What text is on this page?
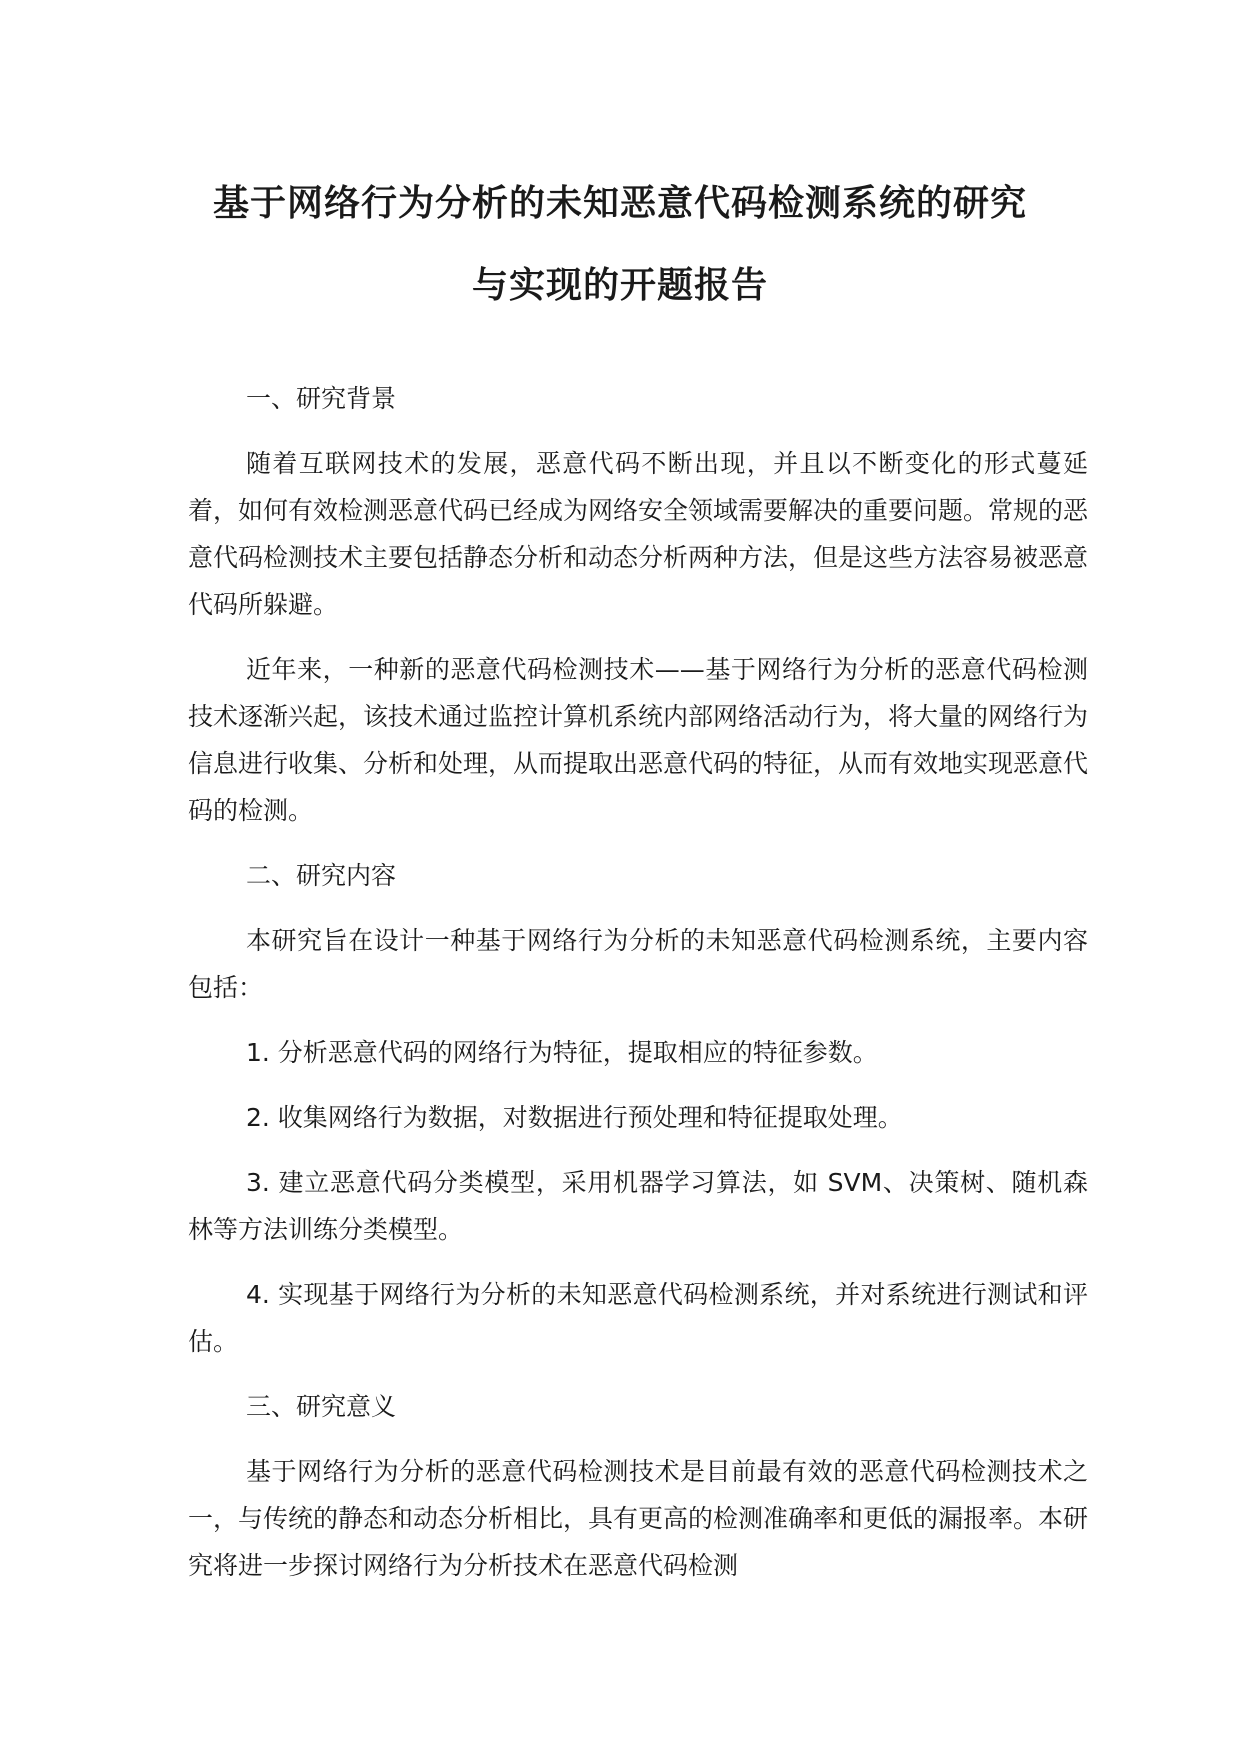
基于网络行为分析的未知恶意代码检测系统的研究
与实现的开题报告

一、研究背景

随着互联网技术的发展，恶意代码不断出现，并且以不断变化的形式蔓延着，如何有效检测恶意代码已经成为网络安全领域需要解决的重要问题。常规的恶意代码检测技术主要包括静态分析和动态分析两种方法，但是这些方法容易被恶意代码所躲避。

近年来，一种新的恶意代码检测技术——基于网络行为分析的恶意代码检测技术逐渐兴起，该技术通过监控计算机系统内部网络活动行为，将大量的网络行为信息进行收集、分析和处理，从而提取出恶意代码的特征，从而有效地实现恶意代码的检测。

二、研究内容

本研究旨在设计一种基于网络行为分析的未知恶意代码检测系统，主要内容包括：

1. 分析恶意代码的网络行为特征，提取相应的特征参数。

2. 收集网络行为数据，对数据进行预处理和特征提取处理。

3. 建立恶意代码分类模型，采用机器学习算法，如 SVM、决策树、随机森林等方法训练分类模型。

4. 实现基于网络行为分析的未知恶意代码检测系统，并对系统进行测试和评估。

三、研究意义

基于网络行为分析的恶意代码检测技术是目前最有效的恶意代码检测技术之一，与传统的静态和动态分析相比，具有更高的检测准确率和更低的漏报率。本研究将进一步探讨网络行为分析技术在恶意代码检测
